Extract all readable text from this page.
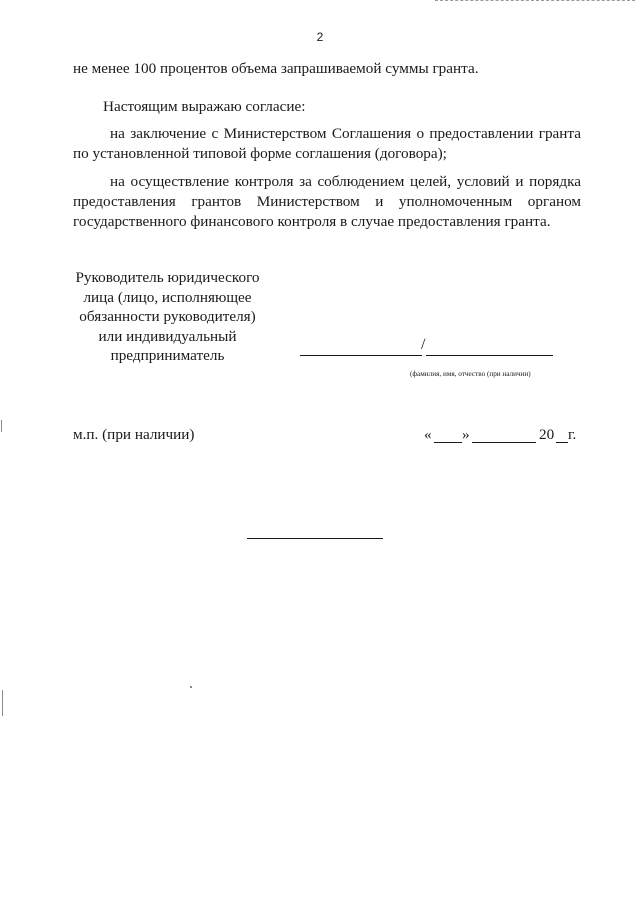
2
не менее 100 процентов объема запрашиваемой суммы гранта.
Настоящим выражаю согласие:
на заключение с Министерством Соглашения о предоставлении гранта
по установленной типовой форме соглашения (договора);
на осуществление контроля за соблюдением целей, условий и порядка
предоставления грантов Министерством и уполномоченным органом
государственного финансового контроля в случае предоставления гранта.
Руководитель юридического
лица (лицо, исполняющее
обязанности руководителя)
или индивидуальный
предприниматель
/
(фамилия, имя, отчество (при наличии)
м.п. (при наличии)	« »	20 г.
